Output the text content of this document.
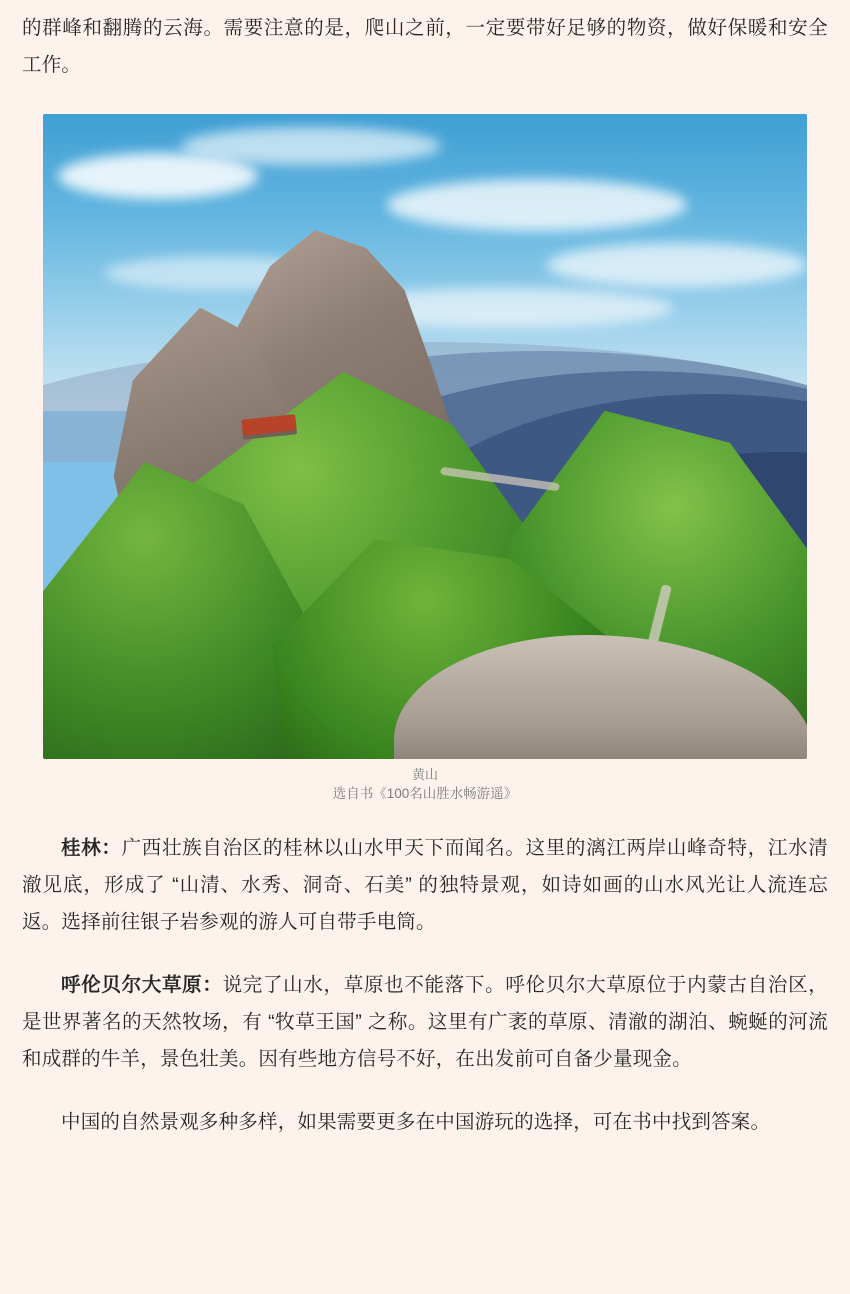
的群峰和翻腾的云海。需要注意的是，爬山之前，一定要带好足够的物资，做好保暖和安全工作。

黄山
选自书《100名山胜水畅游遥》

桂林：广西壮族自治区的桂林以山水甲天下而闻名。这里的漓江两岸山峰奇特，江水清澈见底，形成了 “山清、水秀、洞奇、石美” 的独特景观，如诗如画的山水风光让人流连忘返。选择前往银子岩参观的游人可自带手电筒。

呼伦贝尔大草原：说完了山水，草原也不能落下。呼伦贝尔大草原位于内蒙古自治区，是世界著名的天然牧场，有 “牧草王国” 之称。这里有广袤的草原、清澈的湖泊、蜿蜒的河流和成群的牛羊，景色壮美。因有些地方信号不好，在出发前可自备少量现金。

中国的自然景观多种多样，如果需要更多在中国游玩的选择，可在书中找到答案。
